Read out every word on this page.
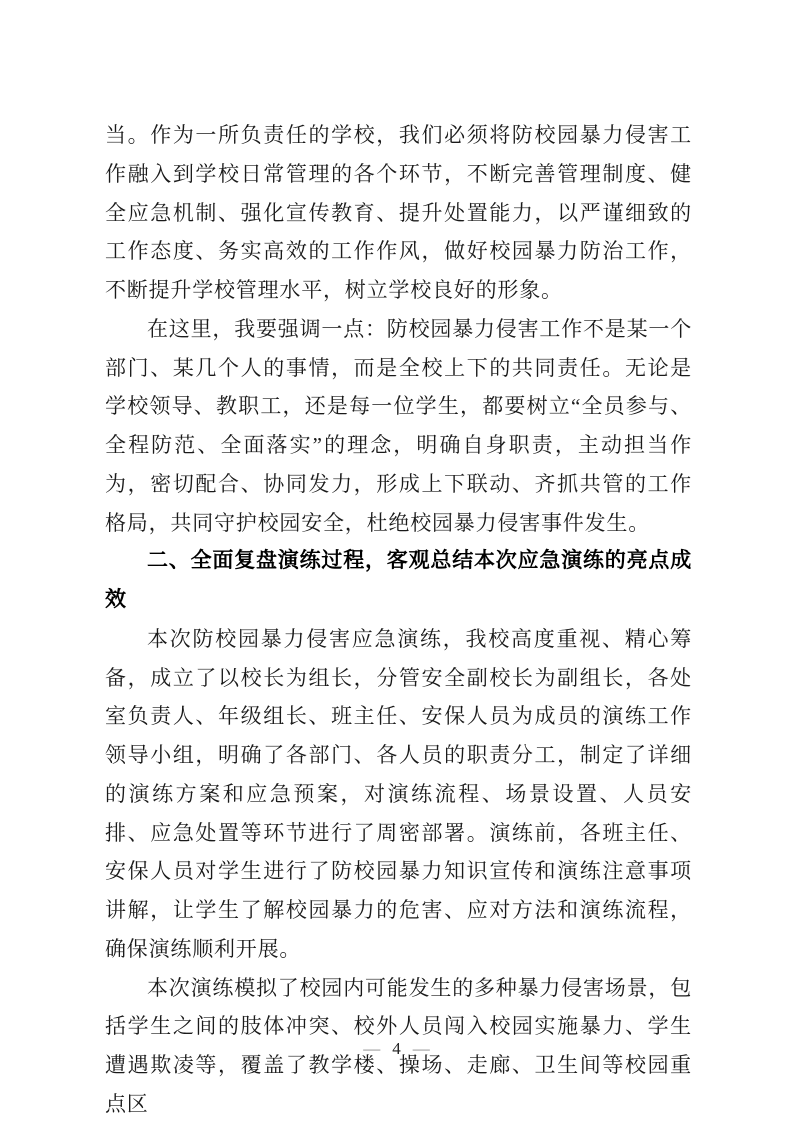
当。作为一所负责任的学校，我们必须将防校园暴力侵害工作融入到学校日常管理的各个环节，不断完善管理制度、健全应急机制、强化宣传教育、提升处置能力，以严谨细致的工作态度、务实高效的工作作风，做好校园暴力防治工作，不断提升学校管理水平，树立学校良好的形象。

在这里，我要强调一点：防校园暴力侵害工作不是某一个部门、某几个人的事情，而是全校上下的共同责任。无论是学校领导、教职工，还是每一位学生，都要树立“全员参与、全程防范、全面落实”的理念，明确自身职责，主动担当作为，密切配合、协同发力，形成上下联动、齐抓共管的工作格局，共同守护校园安全，杜绝校园暴力侵害事件发生。

二、全面复盘演练过程，客观总结本次应急演练的亮点成效

本次防校园暴力侵害应急演练，我校高度重视、精心筹备，成立了以校长为组长，分管安全副校长为副组长，各处室负责人、年级组长、班主任、安保人员为成员的演练工作领导小组，明确了各部门、各人员的职责分工，制定了详细的演练方案和应急预案，对演练流程、场景设置、人员安排、应急处置等环节进行了周密部署。演练前，各班主任、安保人员对学生进行了防校园暴力知识宣传和演练注意事项讲解，让学生了解校园暴力的危害、应对方法和演练流程，确保演练顺利开展。

本次演练模拟了校园内可能发生的多种暴力侵害场景，包括学生之间的肢体冲突、校外人员闯入校园实施暴力、学生遭遇欺凌等，覆盖了教学楼、操场、走廊、卫生间等校园重点区

— 4 —
